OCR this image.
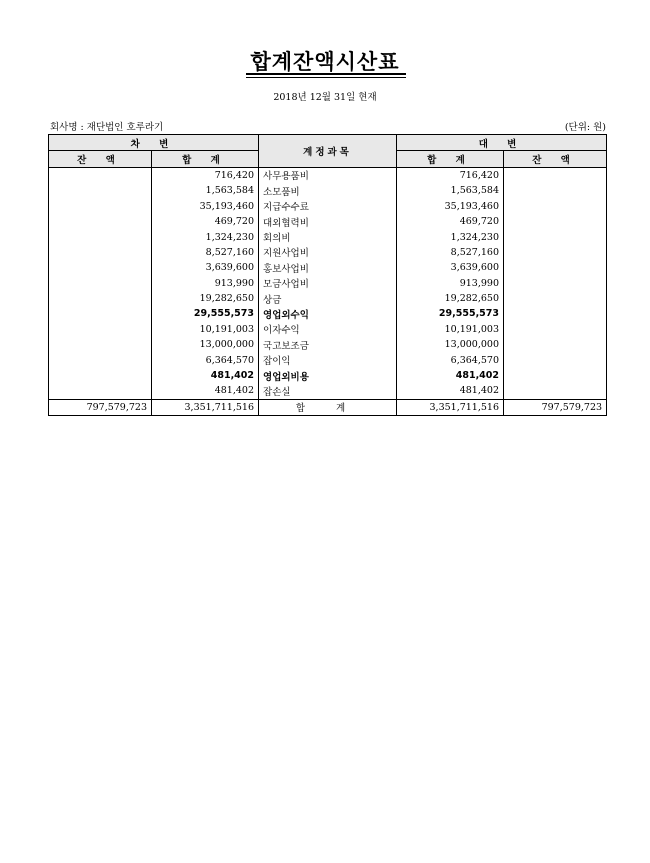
합계잔액시산표
2018년 12월 31일 현재
회사명 : 재단법인 호루라기	(단위: 원)
차 변		계정과목	대 변	
잔 액	합 계		합 계	잔 액
	716,420	사무용품비	716,420	
	1,563,584	소모품비	1,563,584	
	35,193,460	지급수수료	35,193,460	
	469,720	대외협력비	469,720	
	1,324,230	회의비	1,324,230	
	8,527,160	지원사업비	8,527,160	
	3,639,600	홍보사업비	3,639,600	
	913,990	모금사업비	913,990	
	19,282,650	상금	19,282,650	
	29,555,573	영업외수익	29,555,573	
	10,191,003	이자수익	10,191,003	
	13,000,000	국고보조금	13,000,000	
	6,364,570	잡이익	6,364,570	
	481,402	영업외비용	481,402	
	481,402	잡손실	481,402	
797,579,723	3,351,711,516	합 계	3,351,711,516	797,579,723
